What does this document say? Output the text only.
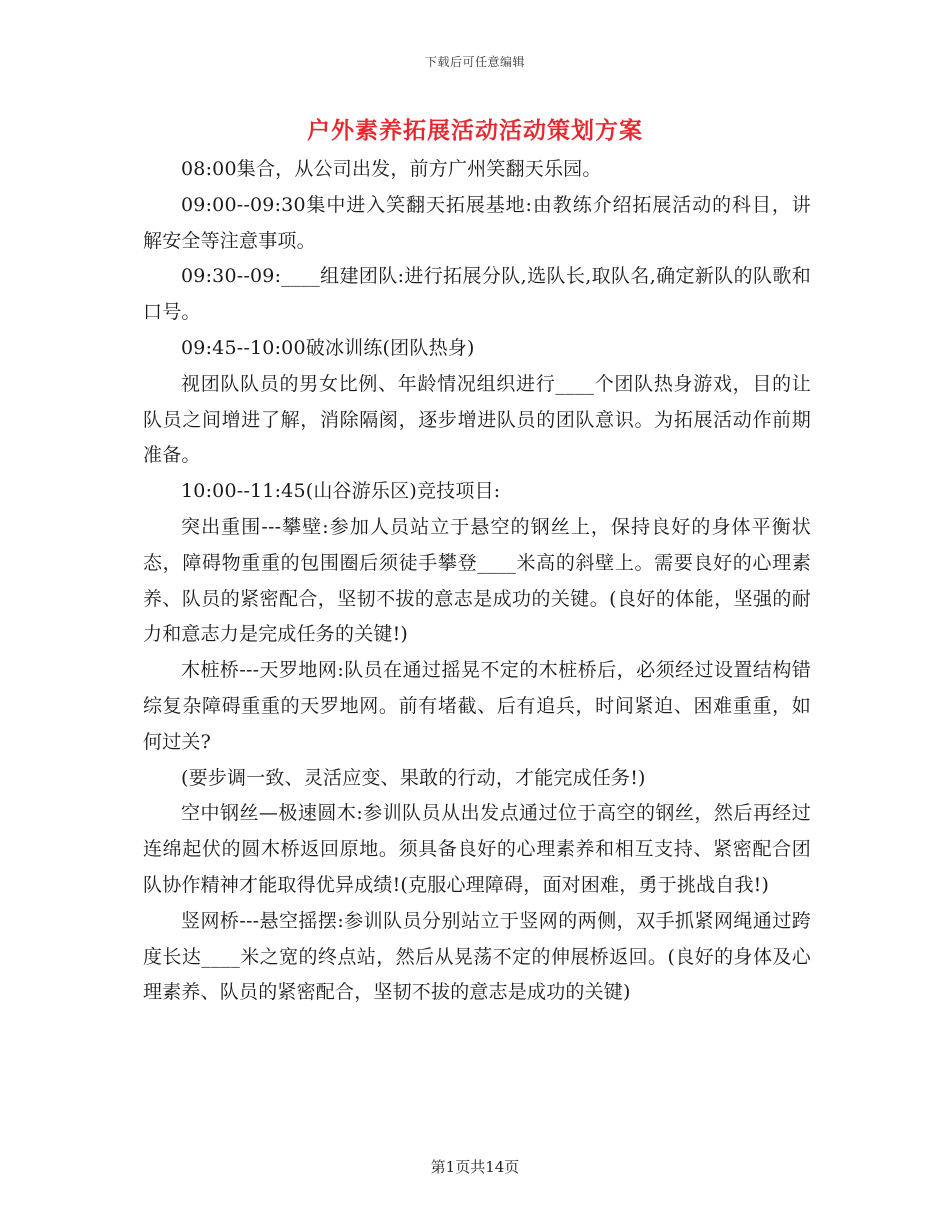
下载后可任意编辑
户外素养拓展活动活动策划方案

08:00集合，从公司出发，前方广州笑翻天乐园。

09:00--09:30集中进入笑翻天拓展基地:由教练介绍拓展活动的科目，讲解安全等注意事项。

09:30--09:____组建团队:进行拓展分队,选队长,取队名,确定新队的队歌和口号。

09:45--10:00破冰训练(团队热身)

视团队队员的男女比例、年龄情况组织进行____个团队热身游戏，目的让队员之间增进了解，消除隔阂，逐步增进队员的团队意识。为拓展活动作前期准备。

10:00--11:45(山谷游乐区)竞技项目:

突出重围---攀壁:参加人员站立于悬空的钢丝上，保持良好的身体平衡状态，障碍物重重的包围圈后须徒手攀登____米高的斜壁上。需要良好的心理素养、队员的紧密配合，坚韧不拔的意志是成功的关键。(良好的体能，坚强的耐力和意志力是完成任务的关键!)

木桩桥---天罗地网:队员在通过摇晃不定的木桩桥后，必须经过设置结构错综复杂障碍重重的天罗地网。前有堵截、后有追兵，时间紧迫、困难重重，如何过关?

(要步调一致、灵活应变、果敢的行动，才能完成任务!)

空中钢丝—极速圆木:参训队员从出发点通过位于高空的钢丝，然后再经过连绵起伏的圆木桥返回原地。须具备良好的心理素养和相互支持、紧密配合团队协作精神才能取得优异成绩!(克服心理障碍，面对困难，勇于挑战自我!)

竖网桥---悬空摇摆:参训队员分别站立于竖网的两侧，双手抓紧网绳通过跨度长达____米之宽的终点站，然后从晃荡不定的伸展桥返回。(良好的身体及心理素养、队员的紧密配合，坚韧不拔的意志是成功的关键)

第1页共14页
